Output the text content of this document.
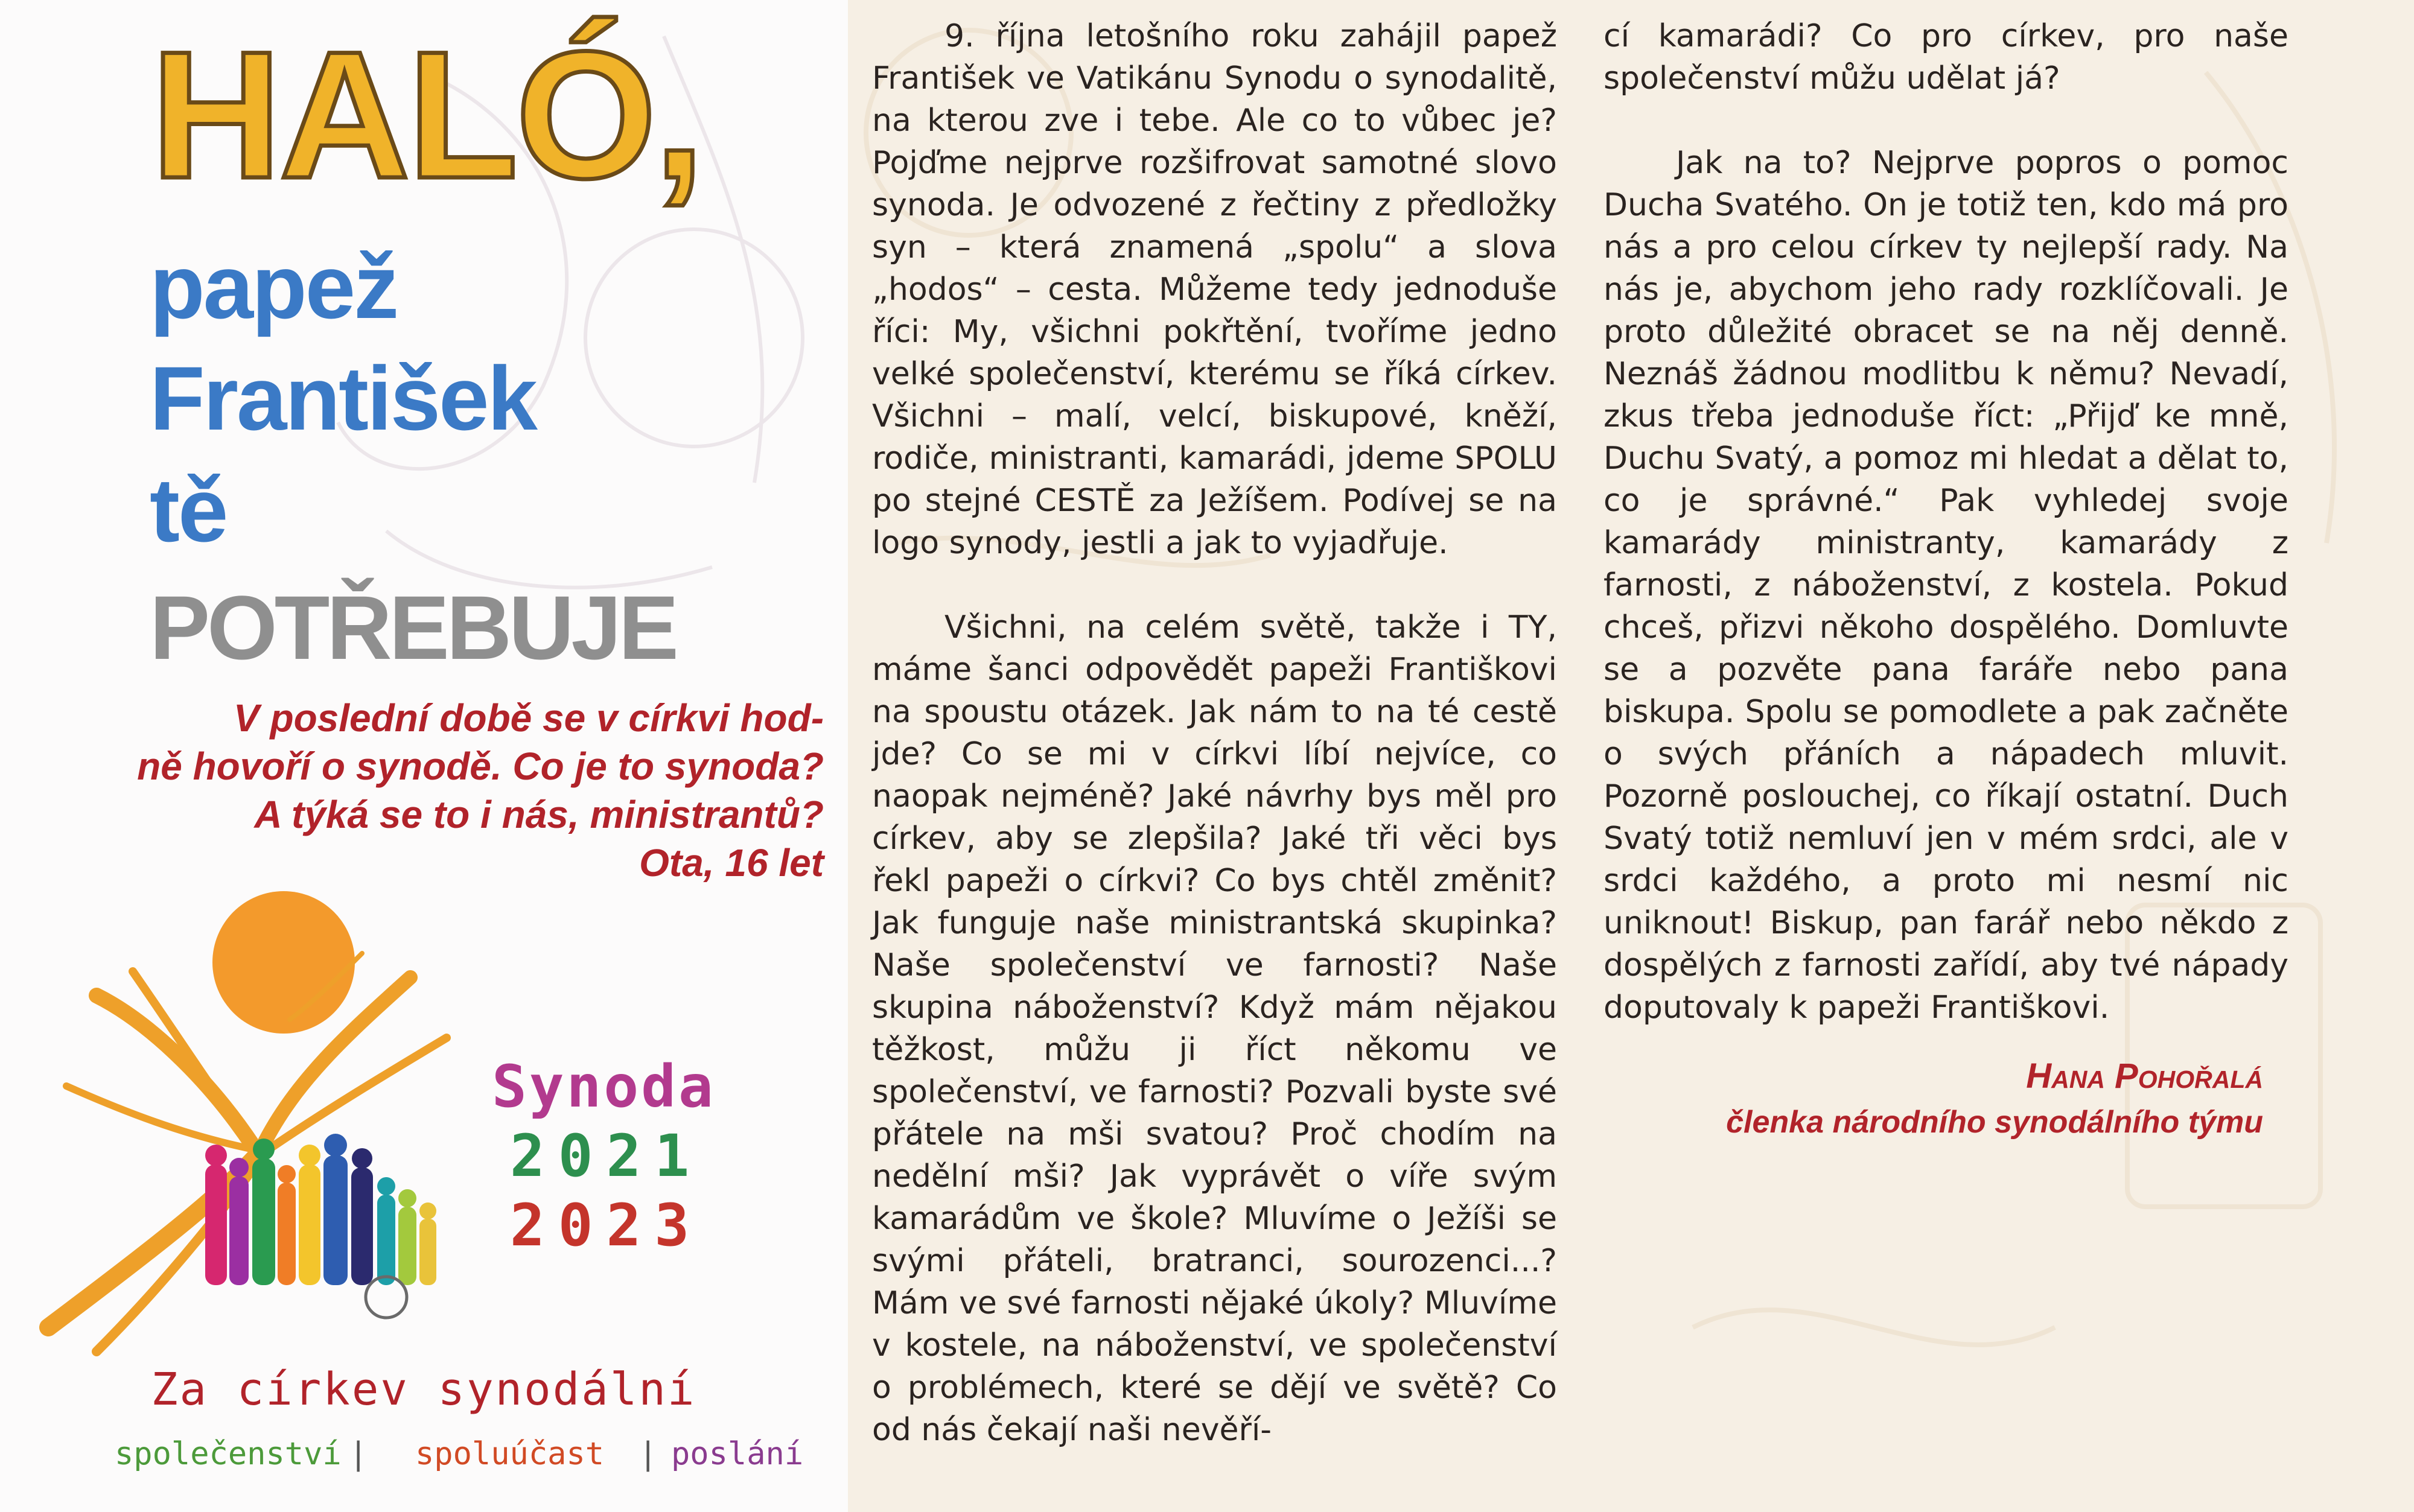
HALÓ,
papež
František
tě
POTŘEBUJE
V poslední době se v církvi hod-
ně hovoří o synodě. Co je to synoda?
A týká se to i nás, ministrantů?
Ota, 16 let
Synoda
2021
2023
Za církev synodální
společenství | spoluúčast | poslání

9. října letošního roku zahájil papež František ve Vatikánu Synodu o synodalitě, na kterou zve i tebe. Ale co to vůbec je? Pojďme nejprve rozšifrovat samotné slovo synoda. Je odvozené z řečtiny z předložky syn – která znamená „spolu“ a slova „hodos“ – cesta. Můžeme tedy jednoduše říci: My, všichni pokřtění, tvoříme jedno velké společenství, kterému se říká církev. Všichni – malí, velcí, biskupové, kněží, rodiče, ministranti, kamarádi, jdeme SPOLU po stejné CESTĚ za Ježíšem. Podívej se na logo synody, jestli a jak to vyjadřuje.

Všichni, na celém světě, takže i TY, máme šanci odpovědět papeži Františkovi na spoustu otázek. Jak nám to na té cestě jde? Co se mi v církvi líbí nejvíce, co naopak nejméně? Jaké návrhy bys měl pro církev, aby se zlepšila? Jaké tři věci bys řekl papeži o církvi? Co bys chtěl změnit? Jak funguje naše ministrantská skupinka? Naše společenství ve farnosti? Naše skupina náboženství? Když mám nějakou těžkost, můžu ji říct někomu ve společenství, ve farnosti? Pozvali byste své přátele na mši svatou? Proč chodím na nedělní mši? Jak vyprávět o víře svým kamarádům ve škole? Mluvíme o Ježíši se svými přáteli, bratranci, sourozenci...? Mám ve své farnosti nějaké úkoly? Mluvíme v kostele, na náboženství, ve společenství o problémech, které se dějí ve světě? Co od nás čekají naši nevěří-

cí kamarádi? Co pro církev, pro naše společenství můžu udělat já?

Jak na to? Nejprve popros o pomoc Ducha Svatého. On je totiž ten, kdo má pro nás a pro celou církev ty nejlepší rady. Na nás je, abychom jeho rady rozklíčovali. Je proto důležité obracet se na něj denně. Neznáš žádnou modlitbu k němu? Nevadí, zkus třeba jednoduše říct: „Přijď ke mně, Duchu Svatý, a pomoz mi hledat a dělat to, co je správné.“ Pak vyhledej svoje kamarády ministranty, kamarády z farnosti, z náboženství, z kostela. Pokud chceš, přizvi někoho dospělého. Domluvte se a pozvěte pana faráře nebo pana biskupa. Spolu se pomodlete a pak začněte o svých přáních a nápadech mluvit. Pozorně poslouchej, co říkají ostatní. Duch Svatý totiž nemluví jen v mém srdci, ale v srdci každého, a proto mi nesmí nic uniknout! Biskup, pan farář nebo někdo z dospělých z farnosti zařídí, aby tvé nápady doputovaly k papeži Františkovi.

Hana Pohořalá
členka národního synodálního týmu
